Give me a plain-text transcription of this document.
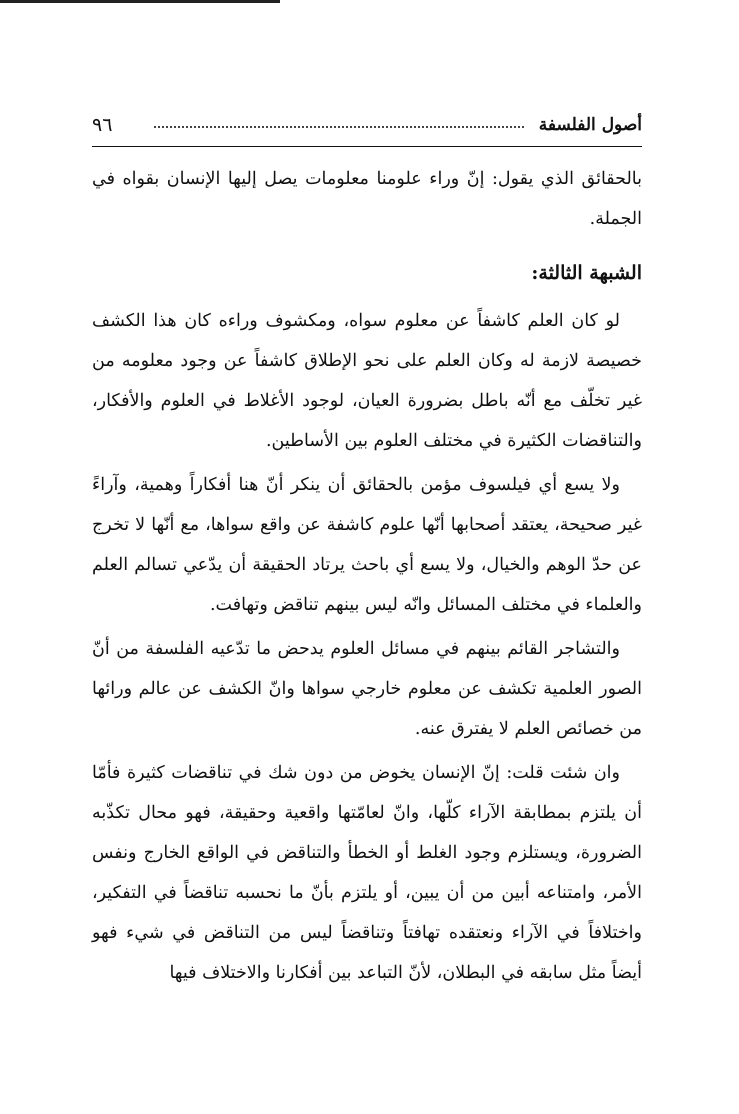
أصول الفلسفة
٩٦

بالحقائق الذي يقول: إنّ وراء علومنا معلومات يصل إليها الإنسان بقواه في الجملة.

الشبهة الثالثة:

لو كان العلم كاشفاً عن معلوم سواه، ومكشوف وراءه كان هذا الكشف خصيصة لازمة له وكان العلم على نحو الإطلاق كاشفاً عن وجود معلومه من غير تخلّف مع أنّه باطل بضرورة العيان، لوجود الأغلاط في العلوم والأفكار، والتناقضات الكثيرة في مختلف العلوم بين الأساطين.

ولا يسع أي فيلسوف مؤمن بالحقائق أن ينكر أنّ هنا أفكاراً وهمية، وآراءً غير صحيحة، يعتقد أصحابها أنّها علوم كاشفة عن واقع سواها، مع أنّها لا تخرج عن حدّ الوهم والخيال، ولا يسع أي باحث يرتاد الحقيقة أن يدّعي تسالم العلم والعلماء في مختلف المسائل وانّه ليس بينهم تناقض وتهافت.

والتشاجر القائم بينهم في مسائل العلوم يدحض ما تدّعيه الفلسفة من أنّ الصور العلمية تكشف عن معلوم خارجي سواها وانّ الكشف عن عالم ورائها من خصائص العلم لا يفترق عنه.

وان شئت قلت: إنّ الإنسان يخوض من دون شك في تناقضات كثيرة فأمّا أن يلتزم بمطابقة الآراء كلّها، وانّ لعامّتها واقعية وحقيقة، فهو محال تكذّبه الضرورة، ويستلزم وجود الغلط أو الخطأ والتناقض في الواقع الخارج ونفس الأمر، وامتناعه أبين من أن يبين، أو يلتزم بأنّ ما نحسبه تناقضاً في التفكير، واختلافاً في الآراء ونعتقده تهافتاً وتناقضاً ليس من التناقض في شيء فهو أيضاً مثل سابقه في البطلان، لأنّ التباعد بين أفكارنا والاختلاف فيها
